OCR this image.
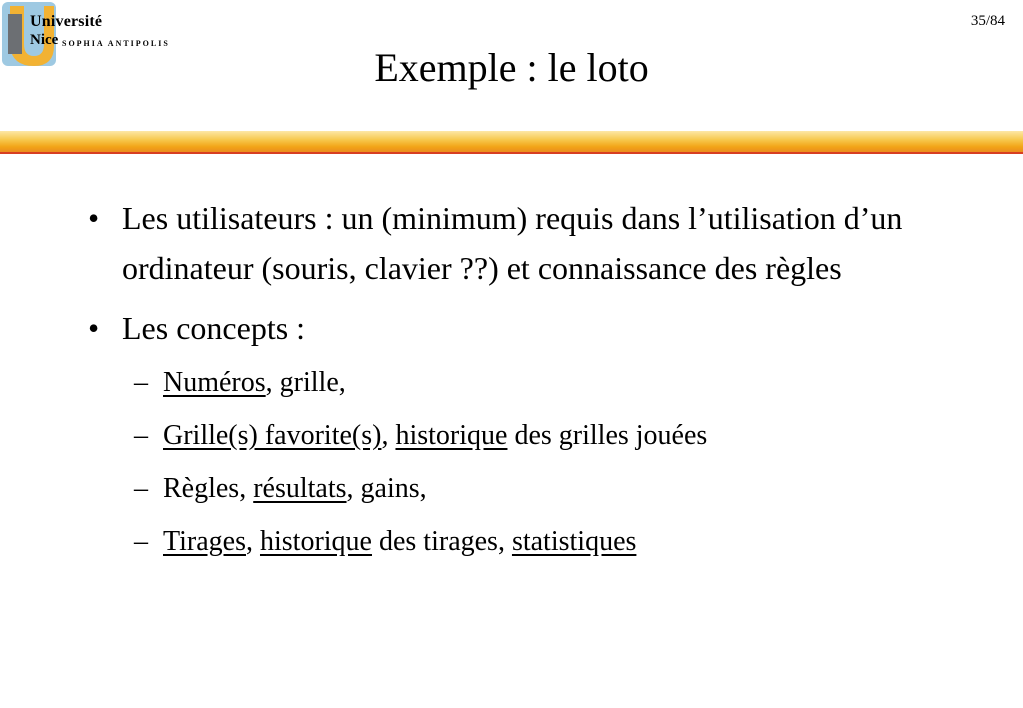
Université
Nice SOPHIA ANTIPOLIS
35/84
Exemple : le loto
• Les utilisateurs : un (minimum) requis dans l’utilisation d’un ordinateur (souris, clavier ??) et connaissance des règles
• Les concepts :
– Numéros, grille,
– Grille(s) favorite(s), historique des grilles jouées
– Règles, résultats, gains,
– Tirages, historique des tirages, statistiques
